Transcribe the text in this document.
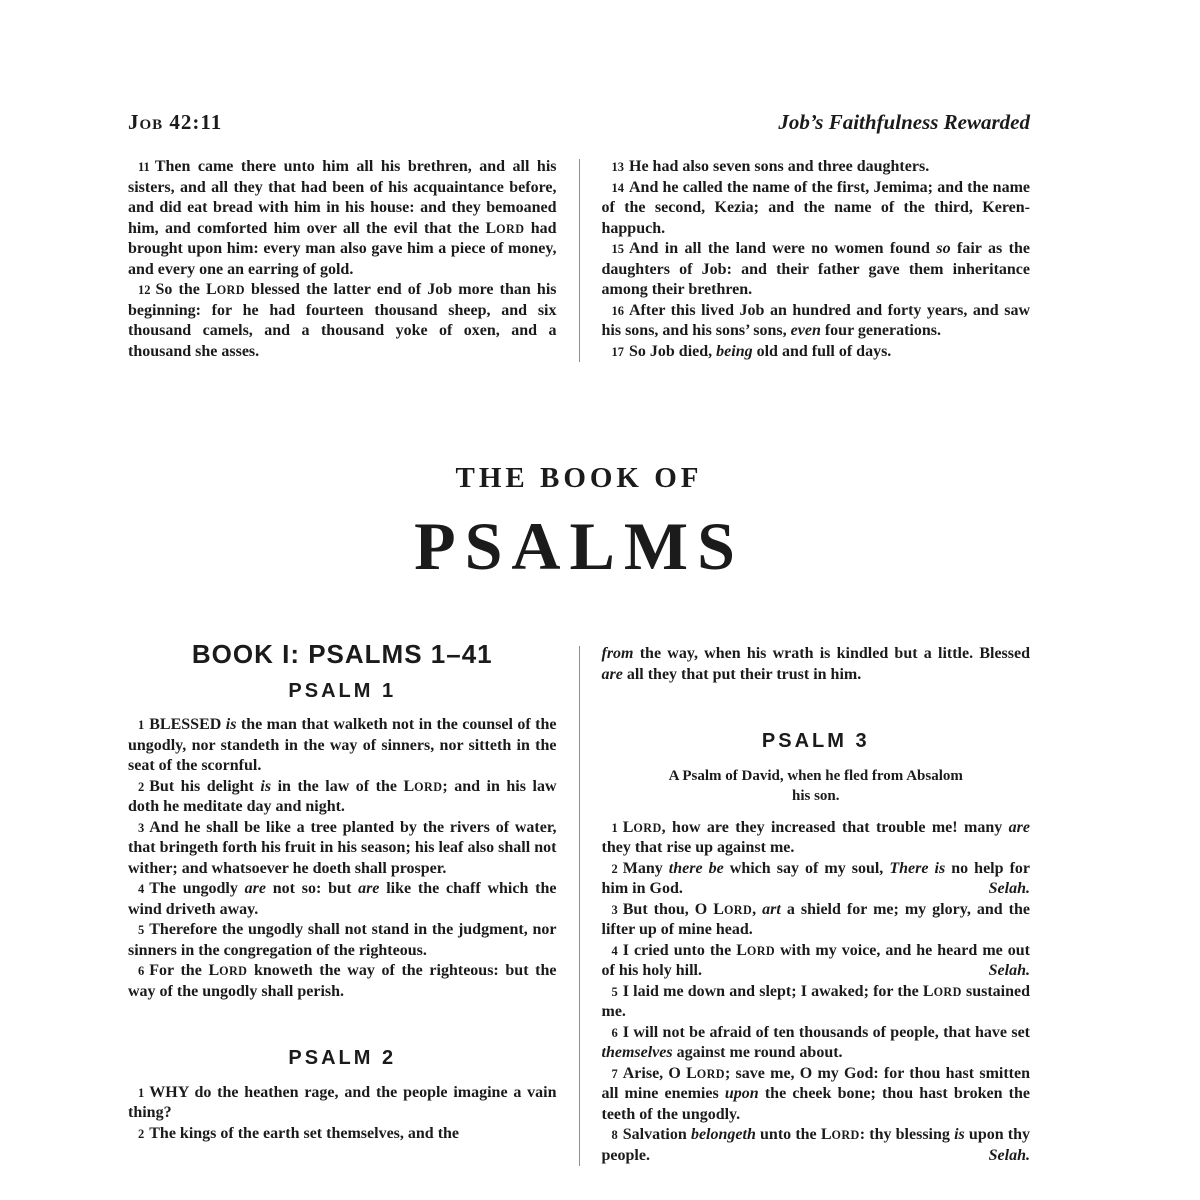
Job 42:11	Job’s Faithfulness Rewarded

11 Then came there unto him all his brethren, and all his sisters, and all they that had been of his acquaintance before, and did eat bread with him in his house: and they bemoaned him, and comforted him over all the evil that the LORD had brought upon him: every man also gave him a piece of money, and every one an earring of gold.

12 So the LORD blessed the latter end of Job more than his beginning: for he had fourteen thousand sheep, and six thousand camels, and a thousand yoke of oxen, and a thousand she asses.

13 He had also seven sons and three daughters.

14 And he called the name of the first, Jemima; and the name of the second, Kezia; and the name of the third, Keren-happuch.

15 And in all the land were no women found so fair as the daughters of Job: and their father gave them inheritance among their brethren.

16 After this lived Job an hundred and forty years, and saw his sons, and his sons’ sons, even four generations.

17 So Job died, being old and full of days.

THE BOOK OF
PSALMS
BOOK I: PSALMS 1–41
PSALM 1

1 BLESSED is the man that walketh not in the counsel of the ungodly, nor standeth in the way of sinners, nor sitteth in the seat of the scornful.

2 But his delight is in the law of the LORD; and in his law doth he meditate day and night.

3 And he shall be like a tree planted by the rivers of water, that bringeth forth his fruit in his season; his leaf also shall not wither; and whatsoever he doeth shall prosper.

4 The ungodly are not so: but are like the chaff which the wind driveth away.

5 Therefore the ungodly shall not stand in the judgment, nor sinners in the congregation of the righteous.

6 For the LORD knoweth the way of the righteous: but the way of the ungodly shall perish.

PSALM 2

1 WHY do the heathen rage, and the people imagine a vain thing?

2 The kings of the earth set themselves, and the

from the way, when his wrath is kindled but a little. Blessed are all they that put their trust in him.

PSALM 3

A Psalm of David, when he fled from Absalom his son.

1 LORD, how are they increased that trouble me! many are they that rise up against me.

2 Many there be which say of my soul, There is no help for him in God.	Selah.

3 But thou, O LORD, art a shield for me; my glory, and the lifter up of mine head.

4 I cried unto the LORD with my voice, and he heard me out of his holy hill.	Selah.

5 I laid me down and slept; I awaked; for the LORD sustained me.

6 I will not be afraid of ten thousands of people, that have set themselves against me round about.

7 Arise, O LORD; save me, O my God: for thou hast smitten all mine enemies upon the cheek bone; thou hast broken the teeth of the ungodly.

8 Salvation belongeth unto the LORD: thy blessing is upon thy people.	Selah.
